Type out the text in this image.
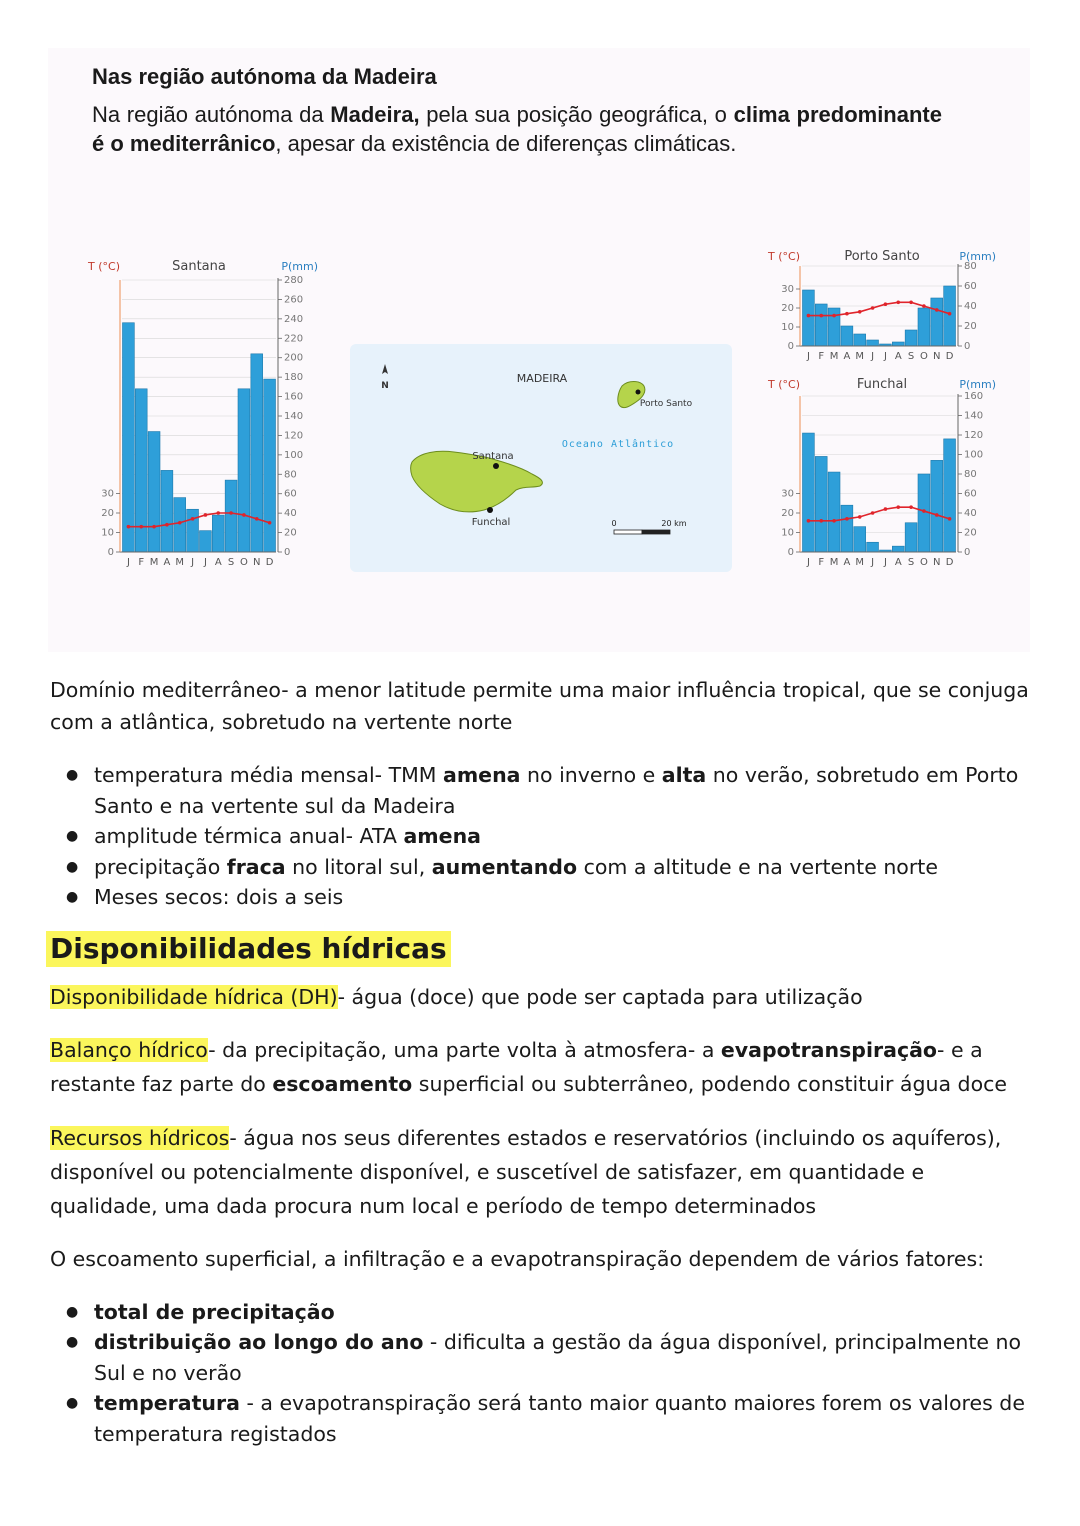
Nas região autónoma da Madeira
Na região autónoma da Madeira, pela sua posição geográfica, o clima predominante é o mediterrânico, apesar da existência de diferenças climáticas.
0
20
40
60
80
100
120
140
160
180
200
220
240
260
280
0
10
20
30
J F M A M J J A S O N D
T (°C)	Santana	P(mm)
0
20
40
60
80
0
10
20
30
J F M A M J J A S O N D
T (°C)	Porto Santo	P(mm)
0
20
40
60
80
100
120
140
160
0
10
20
30
J F M A M J J A S O N D
T (°C)	Funchal	P(mm)
N
MADEIRA
Santana
Funchal
Porto Santo
Oceano Atlântico
0	20 km

Domínio mediterrâneo- a menor latitude permite uma maior influência tropical, que se conjuga com a atlântica, sobretudo na vertente norte

● temperatura média mensal- TMM amena no inverno e alta no verão, sobretudo em Porto Santo e na vertente sul da Madeira
● amplitude térmica anual- ATA amena
● precipitação fraca no litoral sul, aumentando com a altitude e na vertente norte
● Meses secos: dois a seis
Disponibilidades hídricas

Disponibilidade hídrica (DH)- água (doce) que pode ser captada para utilização

Balanço hídrico- da precipitação, uma parte volta à atmosfera- a evapotranspiração- e a restante faz parte do escoamento superficial ou subterrâneo, podendo constituir água doce

Recursos hídricos- água nos seus diferentes estados e reservatórios (incluindo os aquíferos), disponível ou potencialmente disponível, e suscetível de satisfazer, em quantidade e qualidade, uma dada procura num local e período de tempo determinados

O escoamento superficial, a infiltração e a evapotranspiração dependem de vários fatores:

● total de precipitação
● distribuição ao longo do ano - dificulta a gestão da água disponível, principalmente no Sul e no verão
● temperatura - a evapotranspiração será tanto maior quanto maiores forem os valores de temperatura registados
